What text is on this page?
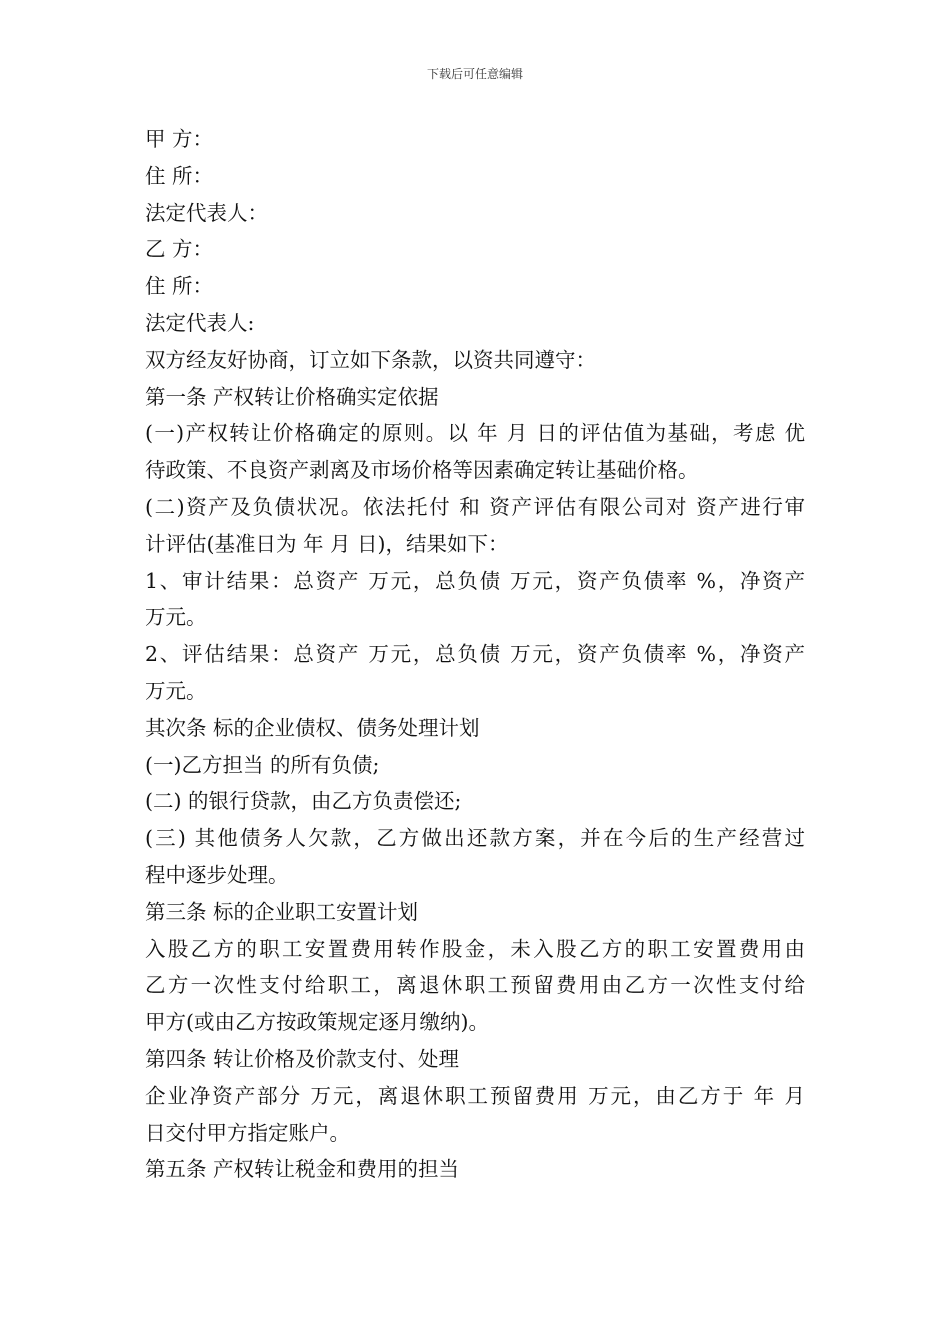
下载后可任意编辑
甲 方：
住 所：
法定代表人：
乙 方：
住 所：
法定代表人:
双方经友好协商，订立如下条款，以资共同遵守：
第一条 产权转让价格确实定依据
(一)产权转让价格确定的原则。以 年 月 日的评估值为基础，考虑 优
待政策、不良资产剥离及市场价格等因素确定转让基础价格。
(二)资产及负债状况。依法托付 和 资产评估有限公司对 资产进行审
计评估(基准日为 年 月 日)，结果如下：
1、审计结果：总资产 万元，总负债 万元，资产负债率 %，净资产
万元。
2、评估结果：总资产 万元，总负债 万元，资产负债率 %，净资产
万元。
其次条 标的企业债权、债务处理计划
(一)乙方担当 的所有负债;
(二) 的银行贷款，由乙方负责偿还;
(三) 其他债务人欠款，乙方做出还款方案，并在今后的生产经营过
程中逐步处理。
第三条 标的企业职工安置计划
入股乙方的职工安置费用转作股金，未入股乙方的职工安置费用由
乙方一次性支付给职工，离退休职工预留费用由乙方一次性支付给
甲方(或由乙方按政策规定逐月缴纳)。
第四条 转让价格及价款支付、处理
企业净资产部分 万元，离退休职工预留费用 万元，由乙方于 年 月
日交付甲方指定账户。
第五条 产权转让税金和费用的担当
